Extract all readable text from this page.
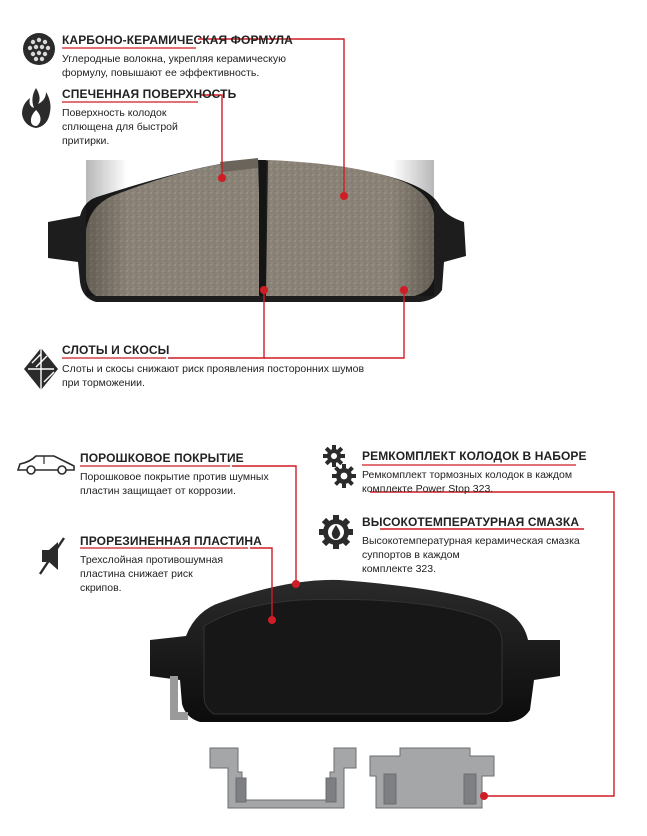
КАРБОНО-КЕРАМИЧЕСКАЯ ФОРМУЛА
Углеродные волокна, укрепляя керамическую
формулу, повышают ее эффективность.
СПЕЧЕННАЯ ПОВЕРХНОСТЬ
Поверхность колодок
сплющена для быстрой
притирки.
СЛОТЫ И СКОСЫ
Слоты и скосы снижают риск проявления посторонних шумов
при торможении.
ПОРОШКОВОЕ ПОКРЫТИЕ
Порошковое покрытие против шумных
пластин защищает от коррозии.
ПРОРЕЗИНЕННАЯ ПЛАСТИНА
Трехслойная противошумная
пластина снижает риск
скрипов.
РЕМКОМПЛЕКТ КОЛОДОК В НАБОРЕ
Ремкомплект тормозных колодок в каждом
комплекте Power Stop 323.
ВЫСОКОТЕМПЕРАТУРНАЯ СМАЗКА
Высокотемпературная керамическая смазка
суппортов в каждом
комплекте 323.
